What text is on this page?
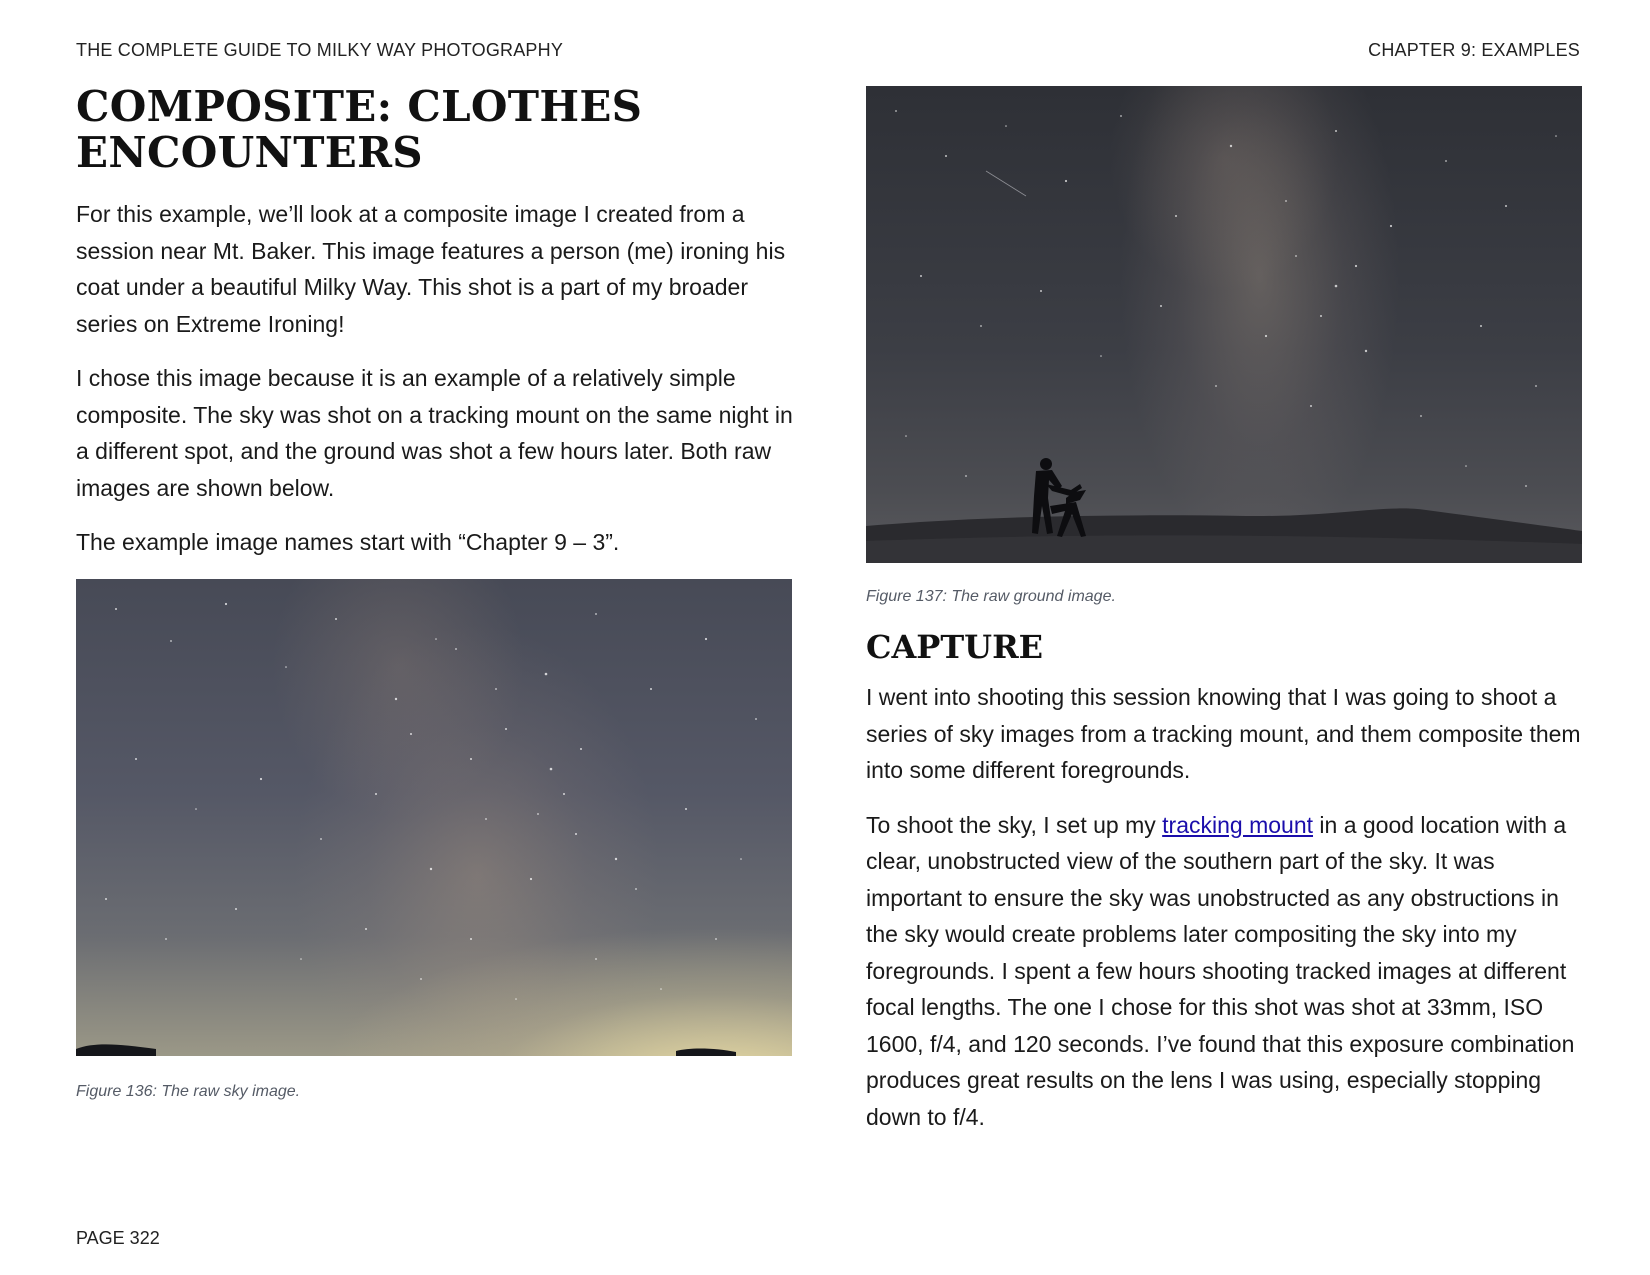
THE COMPLETE GUIDE TO MILKY WAY PHOTOGRAPHY	CHAPTER 9: EXAMPLES
COMPOSITE: CLOTHES
ENCOUNTERS

For this example, we’ll look at a composite image I created from a session near Mt. Baker. This image features a person (me) ironing his coat under a beautiful Milky Way. This shot is a part of my broader series on Extreme Ironing!

I chose this image because it is an example of a relatively simple composite. The sky was shot on a tracking mount on the same night in a different spot, and the ground was shot a few hours later. Both raw images are shown below.

The example image names start with “Chapter 9 – 3”.

Figure 136: The raw sky image.

Figure 137: The raw ground image.

CAPTURE

I went into shooting this session knowing that I was going to shoot a series of sky images from a tracking mount, and them composite them into some different foregrounds.

To shoot the sky, I set up my tracking mount in a good location with a clear, unobstructed view of the southern part of the sky. It was important to ensure the sky was unobstructed as any obstructions in the sky would create problems later compositing the sky into my foregrounds. I spent a few hours shooting tracked images at different focal lengths. The one I chose for this shot was shot at 33mm, ISO 1600, f/4, and 120 seconds. I’ve found that this exposure combination produces great results on the lens I was using, especially stopping down to f/4.

PAGE 322
